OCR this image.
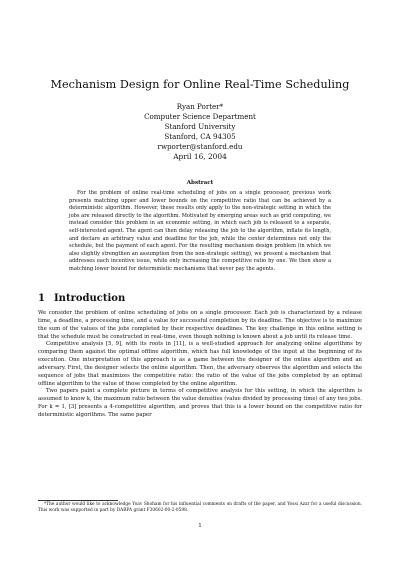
Mechanism Design for Online Real-Time Scheduling
Ryan Porter*
Computer Science Department
Stanford University
Stanford, CA 94305
rwporter@stanford.edu
April 16, 2004
Abstract
For the problem of online real-time scheduling of jobs on a single processor, previous work presents matching upper and lower bounds on the competitive ratio that can be achieved by a deterministic algorithm. However, these results only apply to the non-strategic setting in which the jobs are released directly to the algorithm. Motivated by emerging areas such as grid computing, we instead consider this problem in an economic setting, in which each job is released to a separate, self-interested agent. The agent can then delay releasing the job to the algorithm, inflate its length, and declare an arbitrary value and deadline for the job, while the center determines not only the schedule, but the payment of each agent. For the resulting mechanism design problem (in which we also slightly strengthen an assumption from the non-strategic setting), we present a mechanism that addresses each incentive issue, while only increasing the competitive ratio by one. We then show a matching lower bound for deterministic mechanisms that never pay the agents.
1 Introduction

We consider the problem of online scheduling of jobs on a single processor. Each job is characterized by a release time, a deadline, a processing time, and a value for successful completion by its deadline. The objective is to maximize the sum of the values of the jobs completed by their respective deadlines. The key challenge in this online setting is that the schedule must be constructed in real-time, even though nothing is known about a job until its release time.

Competitive analysis [5, 9], with its roots in [11], is a well-studied approach for analyzing online algorithms by comparing them against the optimal offline algorithm, which has full knowledge of the input at the beginning of its execution. One interpretation of this approach is as a game between the designer of the online algorithm and an adversary. First, the designer selects the online algorithm. Then, the adversary observes the algorithm and selects the sequence of jobs that maximizes the competitive ratio: the ratio of the value of the jobs completed by an optimal offline algorithm to the value of those completed by the online algorithm.

Two papers paint a complete picture in terms of competitive analysis for this setting, in which the algorithm is assumed to know k, the maximum ratio between the value densities (value divided by processing time) of any two jobs. For k = 1, [3] presents a 4-competitive algorithm, and proves that this is a lower bound on the competitive ratio for deterministic algorithms. The same paper

*The author would like to acknowledge Yoav Shoham for his influential comments on drafts of the paper, and Yossi Azar for a useful discussion. This work was supported in part by DARPA grant F30602-00-2-0598.
1
